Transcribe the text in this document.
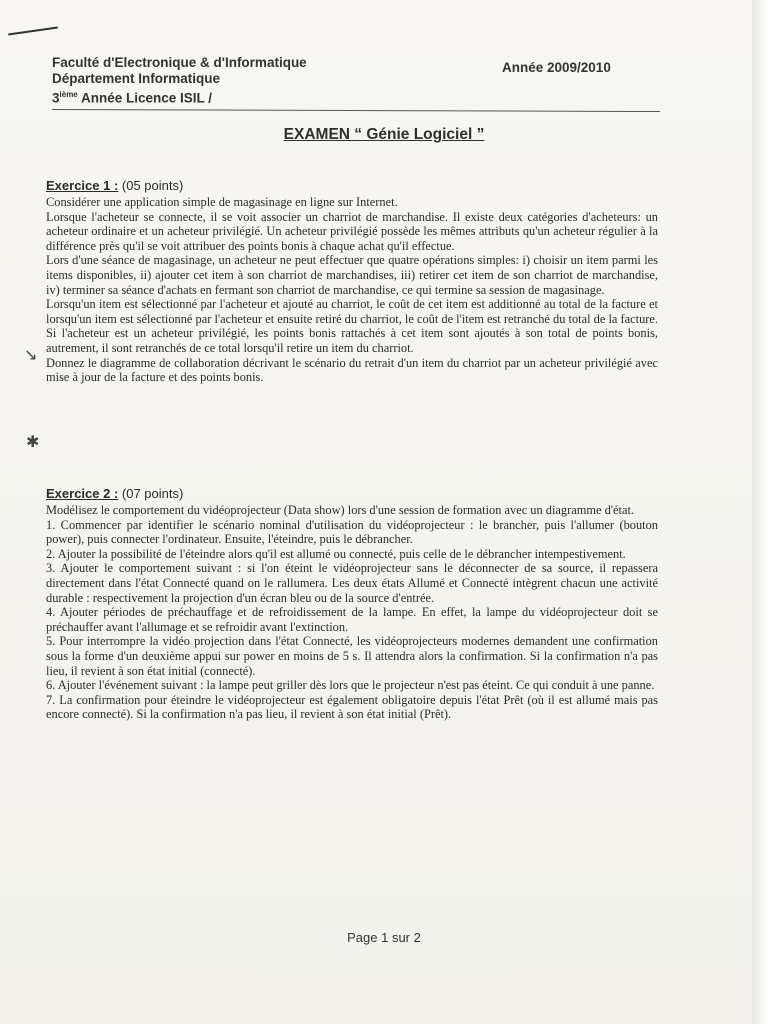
Faculté d'Electronique & d'Informatique
Département Informatique
3ième Année Licence ISIL /
Année 2009/2010
EXAMEN “ Génie Logiciel ”
Exercice 1 : (05 points)

Considérer une application simple de magasinage en ligne sur Internet.

Lorsque l'acheteur se connecte, il se voit associer un charriot de marchandise. Il existe deux catégories d'acheteurs: un acheteur ordinaire et un acheteur privilégié. Un acheteur privilégié possède les mêmes attributs qu'un acheteur régulier à la différence près qu'il se voit attribuer des points bonis à chaque achat qu'il effectue.

Lors d'une séance de magasinage, un acheteur ne peut effectuer que quatre opérations simples: i) choisir un item parmi les items disponibles, ii) ajouter cet item à son charriot de marchandises, iii) retirer cet item de son charriot de marchandise, iv) terminer sa séance d'achats en fermant son charriot de marchandise, ce qui termine sa session de magasinage.

Lorsqu'un item est sélectionné par l'acheteur et ajouté au charriot, le coût de cet item est additionné au total de la facture et lorsqu'un item est sélectionné par l'acheteur et ensuite retiré du charriot, le coût de l'item est retranché du total de la facture. Si l'acheteur est un acheteur privilégié, les points bonis rattachés à cet item sont ajoutés à son total de points bonis, autrement, il sont retranchés de ce total lorsqu'il retire un item du charriot.

Donnez le diagramme de collaboration décrivant le scénario du retrait d'un item du charriot par un acheteur privilégié avec mise à jour de la facture et des points bonis.

↘
✱
Exercice 2 : (07 points)

Modélisez le comportement du vidéoprojecteur (Data show) lors d'une session de formation avec un diagramme d'état.

1. Commencer par identifier le scénario nominal d'utilisation du vidéoprojecteur : le brancher, puis l'allumer (bouton power), puis connecter l'ordinateur. Ensuite, l'éteindre, puis le débrancher.

2. Ajouter la possibilité de l'éteindre alors qu'il est allumé ou connecté, puis celle de le débrancher intempestivement.

3. Ajouter le comportement suivant : si l'on éteint le vidéoprojecteur sans le déconnecter de sa source, il repassera directement dans l'état Connecté quand on le rallumera. Les deux états Allumé et Connecté intègrent chacun une activité durable : respectivement la projection d'un écran bleu ou de la source d'entrée.

4. Ajouter périodes de préchauffage et de refroidissement de la lampe. En effet, la lampe du vidéoprojecteur doit se préchauffer avant l'allumage et se refroidir avant l'extinction.

5. Pour interrompre la vidéo projection dans l'état Connecté, les vidéoprojecteurs modernes demandent une confirmation sous la forme d'un deuxième appui sur power en moins de 5 s. Il attendra alors la confirmation. Si la confirmation n'a pas lieu, il revient à son état initial (connecté).

6. Ajouter l'événement suivant : la lampe peut griller dès lors que le projecteur n'est pas éteint. Ce qui conduit à une panne.

7. La confirmation pour éteindre le vidéoprojecteur est également obligatoire depuis l'état Prêt (où il est allumé mais pas encore connecté). Si la confirmation n'a pas lieu, il revient à son état initial (Prêt).

Page 1 sur 2
